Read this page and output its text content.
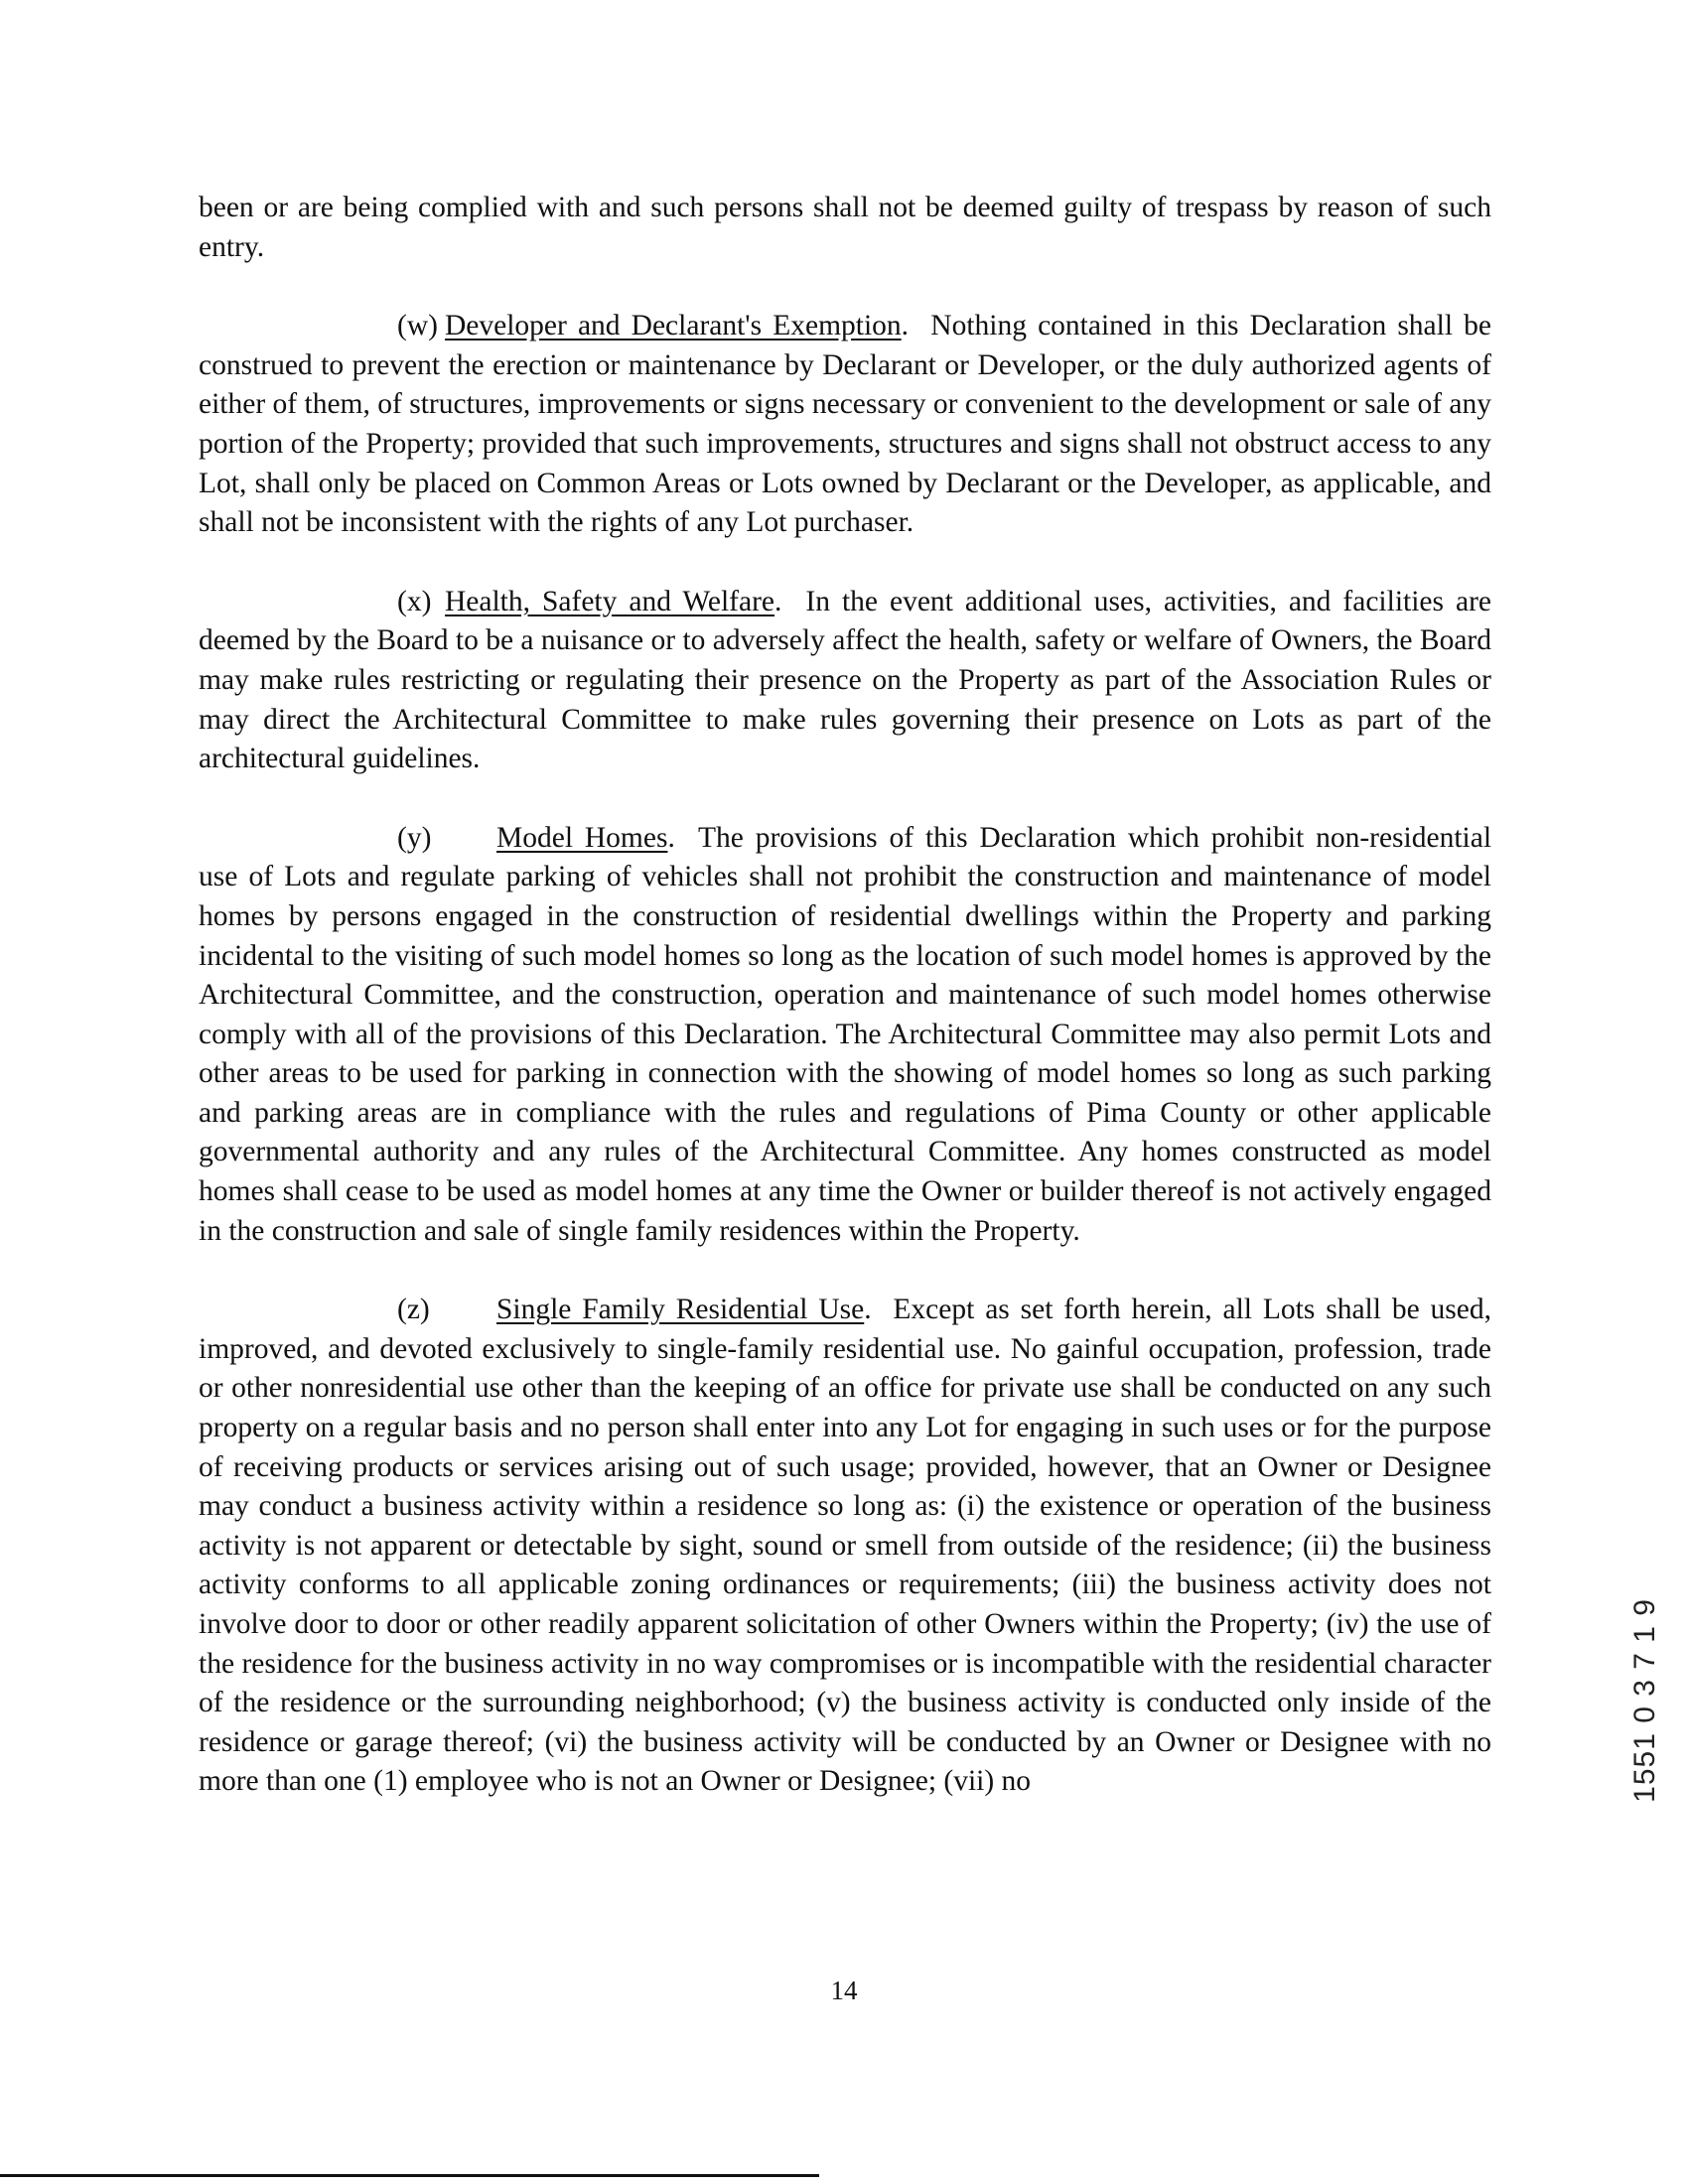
been or are being complied with and such persons shall not be deemed guilty of trespass by reason of such entry.

(w) Developer and Declarant's Exemption.  Nothing contained in this Declaration shall be construed to prevent the erection or maintenance by Declarant or Developer, or the duly authorized agents of either of them, of structures, improvements or signs necessary or convenient to the development or sale of any portion of the Property; provided that such improvements, structures and signs shall not obstruct access to any Lot, shall only be placed on Common Areas or Lots owned by Declarant or the Developer, as applicable, and shall not be inconsistent with the rights of any Lot purchaser.

(x) Health, Safety and Welfare.  In the event additional uses, activities, and facilities are deemed by the Board to be a nuisance or to adversely affect the health, safety or welfare of Owners, the Board may make rules restricting or regulating their presence on the Property as part of the Association Rules or may direct the Architectural Committee to make rules governing their presence on Lots as part of the architectural guidelines.

(y) Model Homes.  The provisions of this Declaration which prohibit non-residential use of Lots and regulate parking of vehicles shall not prohibit the construction and maintenance of model homes by persons engaged in the construction of residential dwellings within the Property and parking incidental to the visiting of such model homes so long as the location of such model homes is approved by the Architectural Committee, and the construction, operation and maintenance of such model homes otherwise comply with all of the provisions of this Declaration. The Architectural Committee may also permit Lots and other areas to be used for parking in connection with the showing of model homes so long as such parking and parking areas are in compliance with the rules and regulations of Pima County or other applicable governmental authority and any rules of the Architectural Committee. Any homes constructed as model homes shall cease to be used as model homes at any time the Owner or builder thereof is not actively engaged in the construction and sale of single family residences within the Property.

(z) Single Family Residential Use.  Except as set forth herein, all Lots shall be used, improved, and devoted exclusively to single-family residential use. No gainful occupation, profession, trade or other nonresidential use other than the keeping of an office for private use shall be conducted on any such property on a regular basis and no person shall enter into any Lot for engaging in such uses or for the purpose of receiving products or services arising out of such usage; provided, however, that an Owner or Designee may conduct a business activity within a residence so long as: (i) the existence or operation of the business activity is not apparent or detectable by sight, sound or smell from outside of the residence; (ii) the business activity conforms to all applicable zoning ordinances or requirements; (iii) the business activity does not involve door to door or other readily apparent solicitation of other Owners within the Property; (iv) the use of the residence for the business activity in no way compromises or is incompatible with the residential character of the residence or the surrounding neighborhood; (v) the business activity is conducted only inside of the residence or garage thereof; (vi) the business activity will be conducted by an Owner or Designee with no more than one (1) employee who is not an Owner or Designee; (vii) no

14
1551 0 3 7 1 9
